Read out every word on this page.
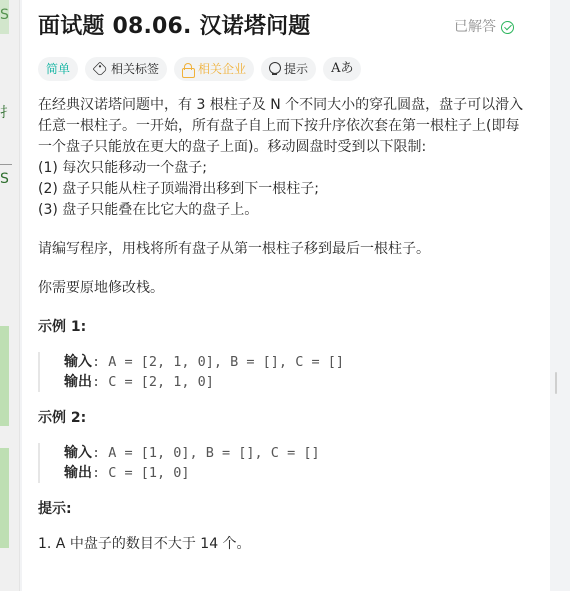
S
扌
S
面试题 08.06. 汉诺塔问题	已解答
简单	相关标签	相关企业	提示 Aあ

在经典汉诺塔问题中，有 3 根柱子及 N 个不同大小的穿孔圆盘，盘子可以滑入任意一根柱子。一开始，所有盘子自上而下按升序依次套在第一根柱子上(即每一个盘子只能放在更大的盘子上面)。移动圆盘时受到以下限制:

(1) 每次只能移动一个盘子;

(2) 盘子只能从柱子顶端滑出移到下一根柱子;

(3) 盘子只能叠在比它大的盘子上。

请编写程序，用栈将所有盘子从第一根柱子移到最后一根柱子。

你需要原地修改栈。

示例 1:

输入: A = [2, 1, 0], B = [], C = []
输出: C = [2, 1, 0]

示例 2:

输入: A = [1, 0], B = [], C = []
输出: C = [1, 0]

提示:

1. A 中盘子的数目不大于 14 个。
